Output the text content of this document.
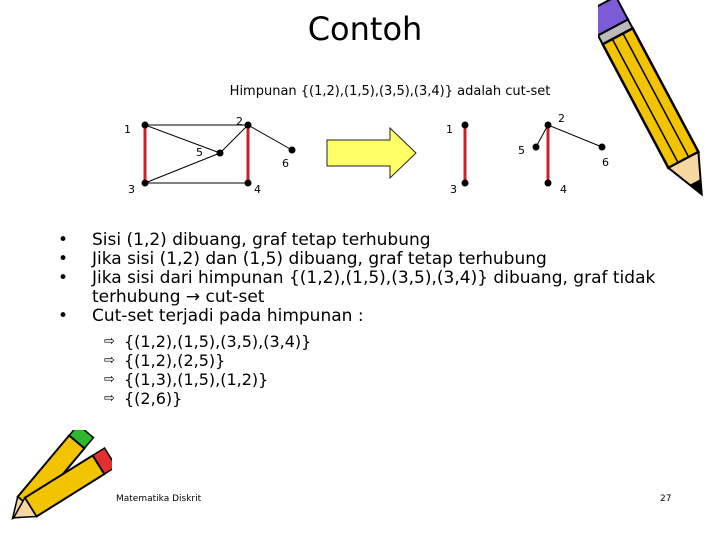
Contoh
Himpunan {(1,2),(1,5),(3,5),(3,4)} adalah cut-set
1
2
3	4
5
6
1
2
3	4
5
6
• Sisi (1,2) dibuang, graf tetap terhubung
• Jika sisi (1,2) dan (1,5) dibuang, graf tetap terhubung
• Jika sisi dari himpunan {(1,2),(1,5),(3,5),(3,4)} dibuang, graf tidak terhubung → cut-set
• Cut-set terjadi pada himpunan :
⇨ {(1,2),(1,5),(3,5),(3,4)}
⇨ {(1,2),(2,5)}
⇨ {(1,3),(1,5),(1,2)}
⇨ {(2,6)}
Matematika Diskrit	27
